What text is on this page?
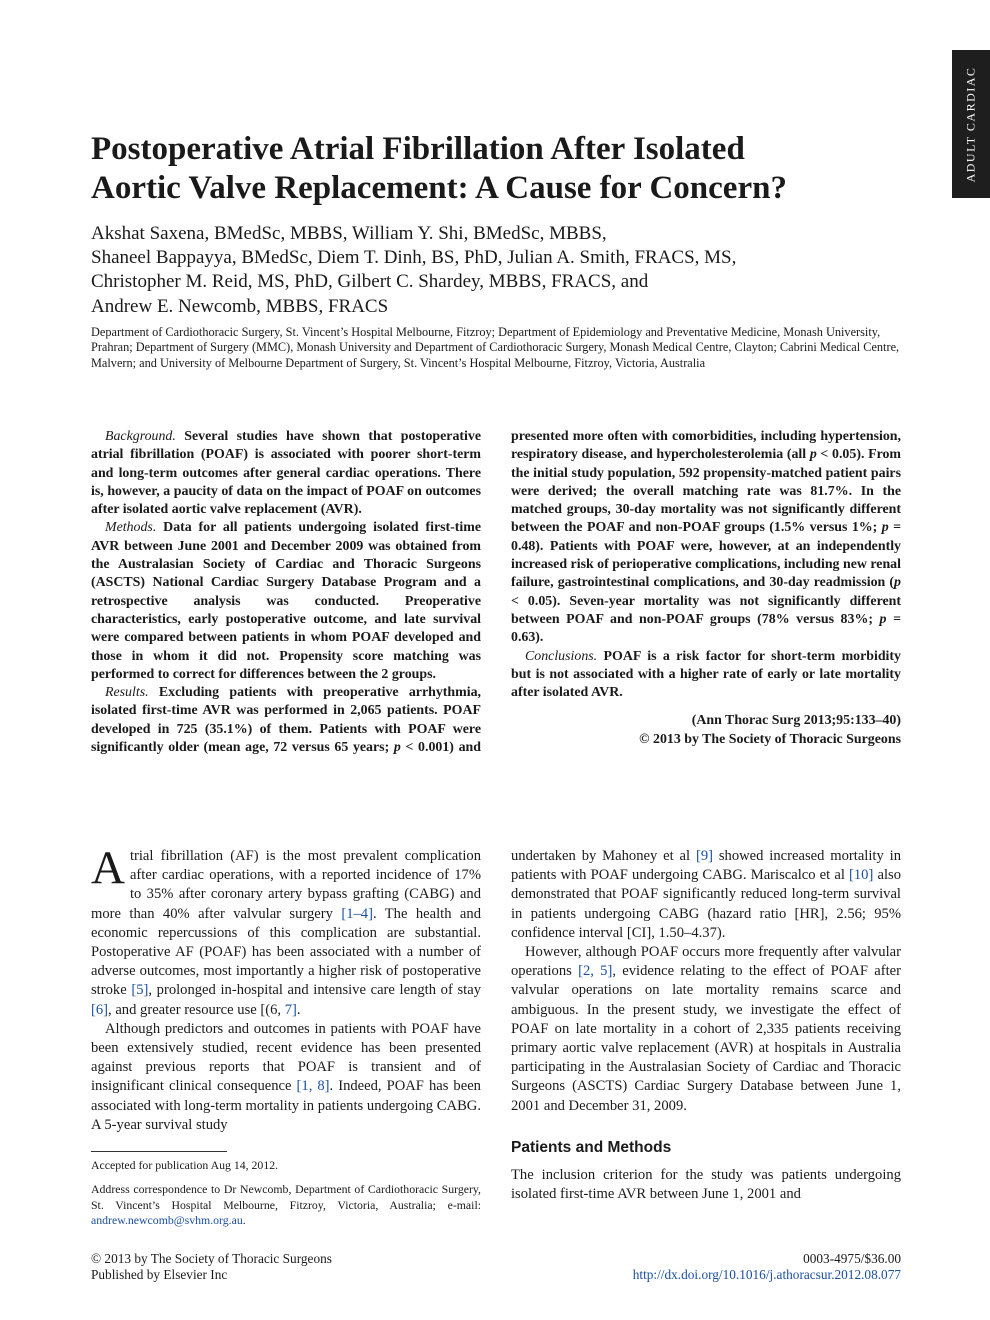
ADULT CARDIAC
Postoperative Atrial Fibrillation After Isolated
Aortic Valve Replacement: A Cause for Concern?

Akshat Saxena, BMedSc, MBBS, William Y. Shi, BMedSc, MBBS,
Shaneel Bappayya, BMedSc, Diem T. Dinh, BS, PhD, Julian A. Smith, FRACS, MS,
Christopher M. Reid, MS, PhD, Gilbert C. Shardey, MBBS, FRACS, and
Andrew E. Newcomb, MBBS, FRACS

Department of Cardiothoracic Surgery, St. Vincent’s Hospital Melbourne, Fitzroy; Department of Epidemiology and Preventative Medicine, Monash University, Prahran; Department of Surgery (MMC), Monash University and Department of Cardiothoracic Surgery, Monash Medical Centre, Clayton; Cabrini Medical Centre, Malvern; and University of Melbourne Department of Surgery, St. Vincent’s Hospital Melbourne, Fitzroy, Victoria, Australia

Background. Several studies have shown that postoperative atrial fibrillation (POAF) is associated with poorer short-term and long-term outcomes after general cardiac operations. There is, however, a paucity of data on the impact of POAF on outcomes after isolated aortic valve replacement (AVR).

Methods. Data for all patients undergoing isolated first-time AVR between June 2001 and December 2009 was obtained from the Australasian Society of Cardiac and Thoracic Surgeons (ASCTS) National Cardiac Surgery Database Program and a retrospective analysis was conducted. Preoperative characteristics, early postoperative outcome, and late survival were compared between patients in whom POAF developed and those in whom it did not. Propensity score matching was performed to correct for differences between the 2 groups.

Results. Excluding patients with preoperative arrhythmia, isolated first-time AVR was performed in 2,065 patients. POAF developed in 725 (35.1%) of them. Patients with POAF were significantly older (mean age, 72 versus 65 years; p < 0.001) and presented more often with comorbidities, including hypertension, respiratory disease, and hypercholesterolemia (all p < 0.05). From the initial study population, 592 propensity-matched patient pairs were derived; the overall matching rate was 81.7%. In the matched groups, 30-day mortality was not significantly different between the POAF and non-POAF groups (1.5% versus 1%; p = 0.48). Patients with POAF were, however, at an independently increased risk of perioperative complications, including new renal failure, gastrointestinal complications, and 30-day readmission (p < 0.05). Seven-year mortality was not significantly different between POAF and non-POAF groups (78% versus 83%; p = 0.63).

Conclusions. POAF is a risk factor for short-term morbidity but is not associated with a higher rate of early or late mortality after isolated AVR.

(Ann Thorac Surg 2013;95:133–40)
© 2013 by The Society of Thoracic Surgeons

Atrial fibrillation (AF) is the most prevalent complication after cardiac operations, with a reported incidence of 17% to 35% after coronary artery bypass grafting (CABG) and more than 40% after valvular surgery [1–4]. The health and economic repercussions of this complication are substantial. Postoperative AF (POAF) has been associated with a number of adverse outcomes, most importantly a higher risk of postoperative stroke [5], prolonged in-hospital and intensive care length of stay [6], and greater resource use [(6, 7].

Although predictors and outcomes in patients with POAF have been extensively studied, recent evidence has been presented against previous reports that POAF is transient and of insignificant clinical consequence [1, 8]. Indeed, POAF has been associated with long-term mortality in patients undergoing CABG. A 5-year survival study

undertaken by Mahoney et al [9] showed increased mortality in patients with POAF undergoing CABG. Mariscalco et al [10] also demonstrated that POAF significantly reduced long-term survival in patients undergoing CABG (hazard ratio [HR], 2.56; 95% confidence interval [CI], 1.50–4.37).

However, although POAF occurs more frequently after valvular operations [2, 5], evidence relating to the effect of POAF after valvular operations on late mortality remains scarce and ambiguous. In the present study, we investigate the effect of POAF on late mortality in a cohort of 2,335 patients receiving primary aortic valve replacement (AVR) at hospitals in Australia participating in the Australasian Society of Cardiac and Thoracic Surgeons (ASCTS) Cardiac Surgery Database between June 1, 2001 and December 31, 2009.

Patients and Methods

The inclusion criterion for the study was patients undergoing isolated first-time AVR between June 1, 2001 and

Accepted for publication Aug 14, 2012.

Address correspondence to Dr Newcomb, Department of Cardiothoracic Surgery, St. Vincent’s Hospital Melbourne, Fitzroy, Victoria, Australia; e-mail: andrew.newcomb@svhm.org.au.

© 2013 by The Society of Thoracic Surgeons
Published by Elsevier Inc
0003-4975/$36.00
http://dx.doi.org/10.1016/j.athoracsur.2012.08.077
